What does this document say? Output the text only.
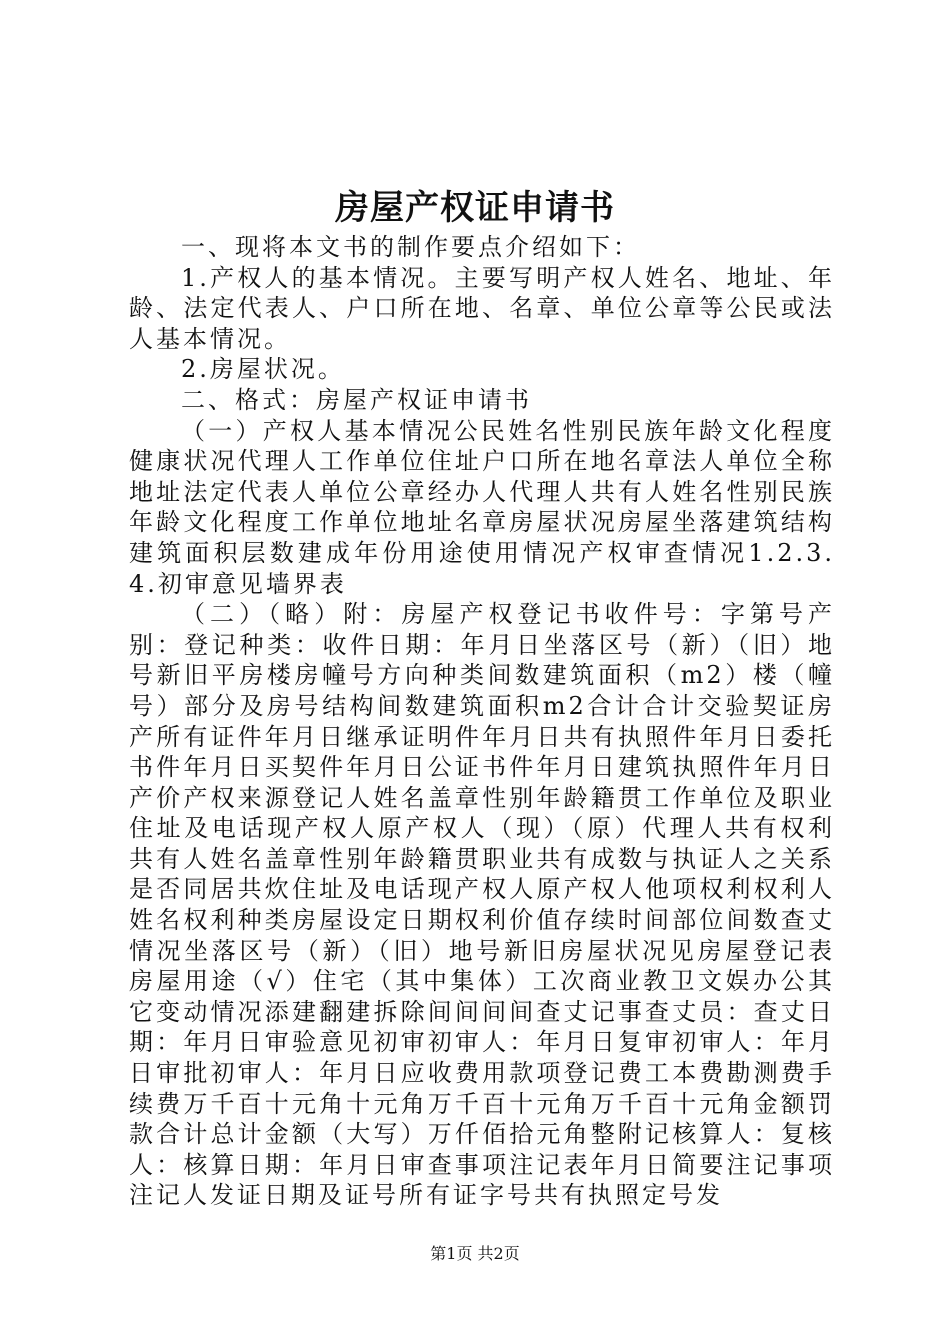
房屋产权证申请书

一、现将本文书的制作要点介绍如下：

1.产权人的基本情况。主要写明产权人姓名、地址、年龄、法定代表人、户口所在地、名章、单位公章等公民或法人基本情况。

2.房屋状况。

二、格式：房屋产权证申请书

（一）产权人基本情况公民姓名性别民族年龄文化程度健康状况代理人工作单位住址户口所在地名章法人单位全称地址法定代表人单位公章经办人代理人共有人姓名性别民族年龄文化程度工作单位地址名章房屋状况房屋坐落建筑结构建筑面积层数建成年份用途使用情况产权审查情况1.2.3.4.初审意见墙界表

（二）（略）附：房屋产权登记书收件号：字第号产别：登记种类：收件日期：年月日坐落区号（新）（旧）地号新旧平房楼房幢号方向种类间数建筑面积（m2）楼（幢号）部分及房号结构间数建筑面积m2合计合计交验契证房产所有证件年月日继承证明件年月日共有执照件年月日委托书件年月日买契件年月日公证书件年月日建筑执照件年月日产价产权来源登记人姓名盖章性别年龄籍贯工作单位及职业住址及电话现产权人原产权人（现）（原）代理人共有权利共有人姓名盖章性别年龄籍贯职业共有成数与执证人之关系是否同居共炊住址及电话现产权人原产权人他项权利权利人姓名权利种类房屋设定日期权利价值存续时间部位间数查丈情况坐落区号（新）（旧）地号新旧房屋状况见房屋登记表房屋用途（√）住宅（其中集体）工次商业教卫文娱办公其它变动情况添建翻建拆除间间间间查丈记事查丈员：查丈日期：年月日审验意见初审初审人：年月日复审初审人：年月日审批初审人：年月日应收费用款项登记费工本费勘测费手续费万千百十元角十元角万千百十元角万千百十元角金额罚款合计总计金额（大写）万仟佰拾元角整附记核算人：复核人：核算日期：年月日审查事项注记表年月日简要注记事项注记人发证日期及证号所有证字号共有执照定号发

第1页 共2页
